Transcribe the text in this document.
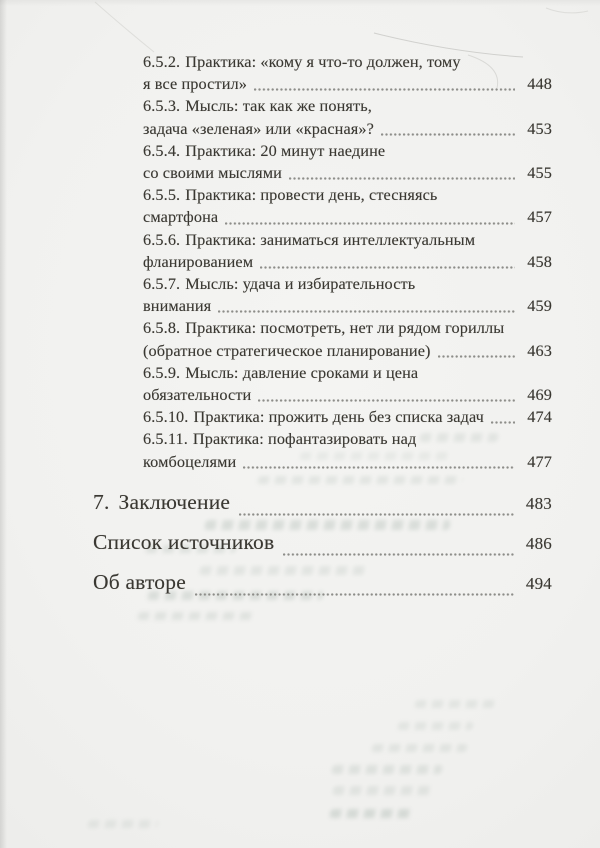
6.5.2. Практика: «кому я что-то должен, тому
я все простил»	448
6.5.3. Мысль: так как же понять,
задача «зеленая» или «красная»?	453
6.5.4. Практика: 20 минут наедине
со своими мыслями	455
6.5.5. Практика: провести день, стесняясь
смартфона	457
6.5.6. Практика: заниматься интеллектуальным
фланированием	458
6.5.7. Мысль: удача и избирательность
внимания	459
6.5.8. Практика: посмотреть, нет ли рядом гориллы
(обратное стратегическое планирование)	463
6.5.9. Мысль: давление сроками и цена
обязательности	469
6.5.10. Практика: прожить день без списка задач	474
6.5.11. Практика: пофантазировать над
комбоцелями	477
7. Заключение	483
Список источников	486
Об авторе	494
